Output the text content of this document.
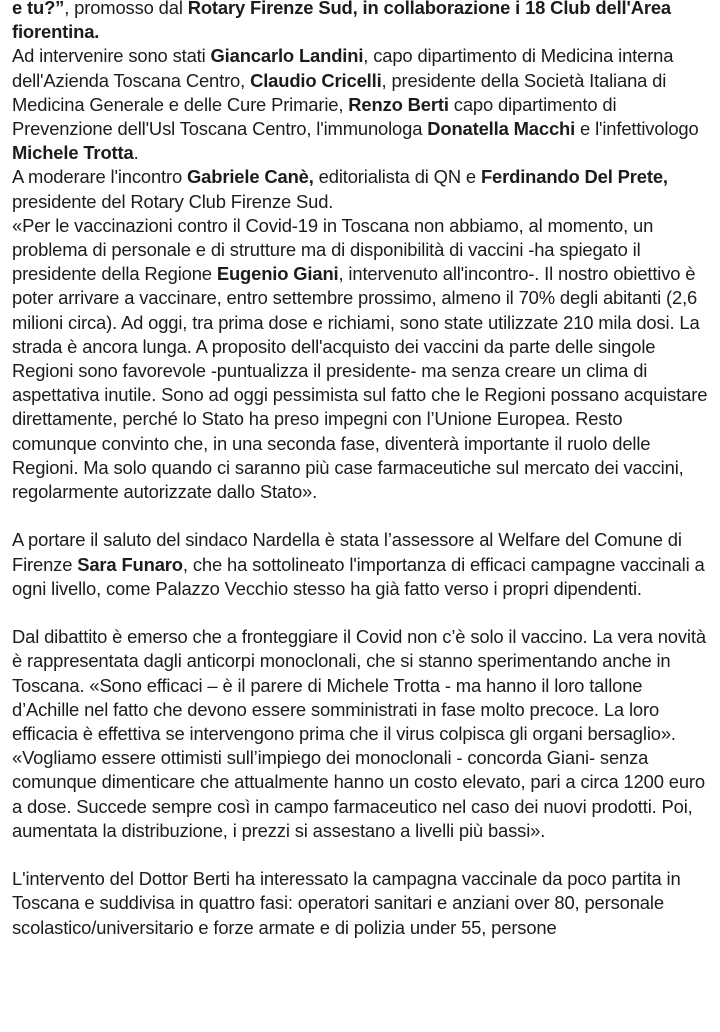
e tu?”, promosso dal Rotary Firenze Sud, in collaborazione i 18 Club dell'Area fiorentina.

Ad intervenire sono stati Giancarlo Landini, capo dipartimento di Medicina interna dell'Azienda Toscana Centro, Claudio Cricelli, presidente della Società Italiana di Medicina Generale e delle Cure Primarie, Renzo Berti capo dipartimento di Prevenzione dell'Usl Toscana Centro, l'immunologa Donatella Macchi e l'infettivologo Michele Trotta.

A moderare l'incontro Gabriele Canè, editorialista di QN e Ferdinando Del Prete, presidente del Rotary Club Firenze Sud.

«Per le vaccinazioni contro il Covid-19 in Toscana non abbiamo, al momento, un problema di personale e di strutture ma di disponibilità di vaccini -ha spiegato il presidente della Regione Eugenio Giani, intervenuto all'incontro-. Il nostro obiettivo è poter arrivare a vaccinare, entro settembre prossimo, almeno il 70% degli abitanti (2,6 milioni circa). Ad oggi, tra prima dose e richiami, sono state utilizzate 210 mila dosi. La strada è ancora lunga. A proposito dell'acquisto dei vaccini da parte delle singole Regioni sono favorevole -puntualizza il presidente- ma senza creare un clima di aspettativa inutile. Sono ad oggi pessimista sul fatto che le Regioni possano acquistare direttamente, perché lo Stato ha preso impegni con l’Unione Europea. Resto comunque convinto che, in una seconda fase, diventerà importante il ruolo delle Regioni. Ma solo quando ci saranno più case farmaceutiche sul mercato dei vaccini, regolarmente autorizzate dallo Stato».

A portare il saluto del sindaco Nardella è stata l’assessore al Welfare del Comune di Firenze Sara Funaro, che ha sottolineato l'importanza di efficaci campagne vaccinali a ogni livello, come Palazzo Vecchio stesso ha già fatto verso i propri dipendenti.

Dal dibattito è emerso che a fronteggiare il Covid non c’è solo il vaccino. La vera novità è rappresentata dagli anticorpi monoclonali, che si stanno sperimentando anche in Toscana. «Sono efficaci – è il parere di Michele Trotta - ma hanno il loro tallone d’Achille nel fatto che devono essere somministrati in fase molto precoce. La loro efficacia è effettiva se intervengono prima che il virus colpisca gli organi bersaglio». «Vogliamo essere ottimisti sull’impiego dei monoclonali - concorda Giani- senza comunque dimenticare che attualmente hanno un costo elevato, pari a circa 1200 euro a dose. Succede sempre così in campo farmaceutico nel caso dei nuovi prodotti. Poi, aumentata la distribuzione, i prezzi si assestano a livelli più bassi».

L'intervento del Dottor Berti ha interessato la campagna vaccinale da poco partita in Toscana e suddivisa in quattro fasi: operatori sanitari e anziani over 80, personale scolastico/universitario e forze armate e di polizia under 55, persone
